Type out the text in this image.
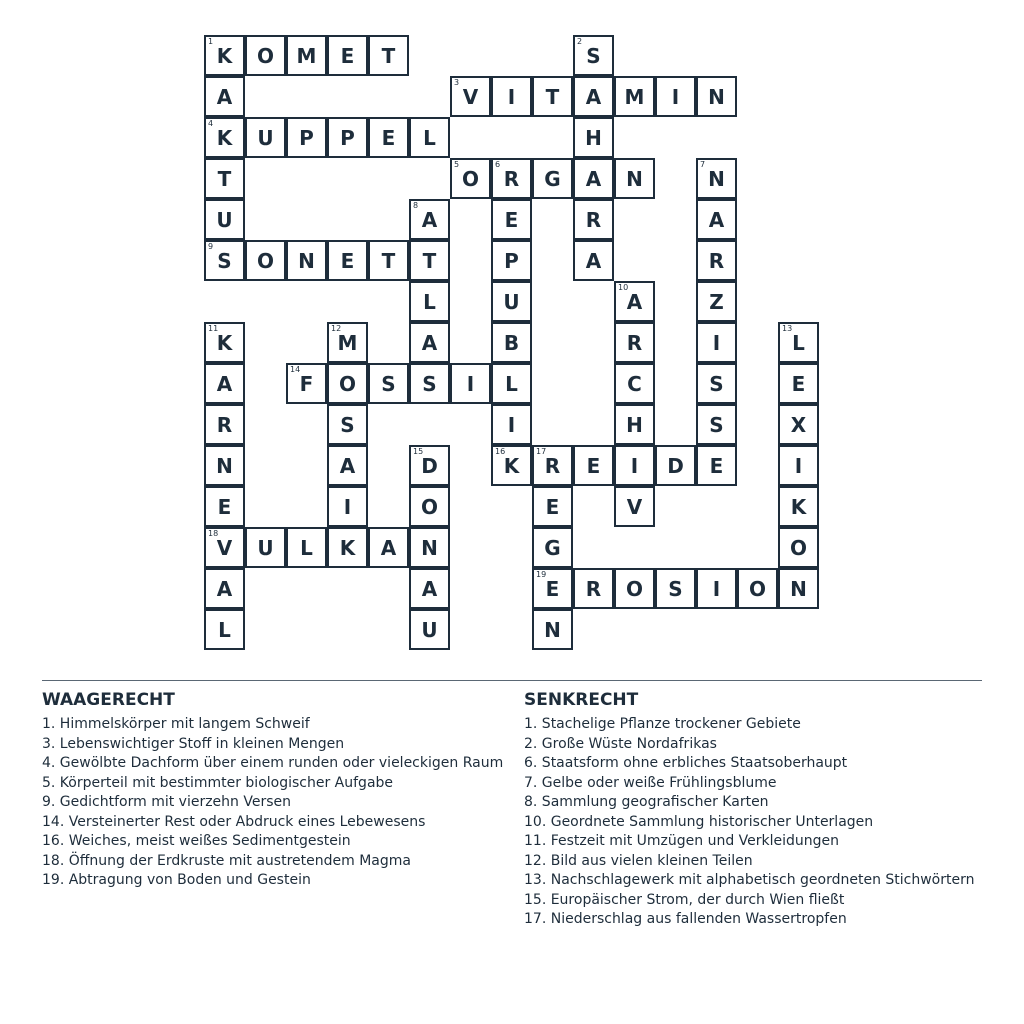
1
K O M E T
2
S
A
3
V I T A M I N
4
K U P P E L	H
T
5
O
6
R G A N
7
N
U
8
A	E	R	A
9
S O N E T T	P	A	R
L	U
10
A	Z
11
K
12
M	A	B	R	I
13
L
A
14
F O S S I L	C	S	E
R	S	I	H	S	X
N	A
15
D
16
K
17
R E I D E	I
E	I	O	E	V	K
18
V U L K A N	G	O
A	A
19
E R O S I O N
L	U	N
WAAGERECHT
1. Himmelskörper mit langem Schweif
3. Lebenswichtiger Stoff in kleinen Mengen
4. Gewölbte Dachform über einem runden oder vieleckigen Raum
5. Körperteil mit bestimmter biologischer Aufgabe
9. Gedichtform mit vierzehn Versen
14. Versteinerter Rest oder Abdruck eines Lebewesens
16. Weiches, meist weißes Sedimentgestein
18. Öffnung der Erdkruste mit austretendem Magma
19. Abtragung von Boden und Gestein
SENKRECHT
1. Stachelige Pflanze trockener Gebiete
2. Große Wüste Nordafrikas
6. Staatsform ohne erbliches Staatsoberhaupt
7. Gelbe oder weiße Frühlingsblume
8. Sammlung geografischer Karten
10. Geordnete Sammlung historischer Unterlagen
11. Festzeit mit Umzügen und Verkleidungen
12. Bild aus vielen kleinen Teilen
13. Nachschlagewerk mit alphabetisch geordneten Stichwörtern
15. Europäischer Strom, der durch Wien fließt
17. Niederschlag aus fallenden Wassertropfen
